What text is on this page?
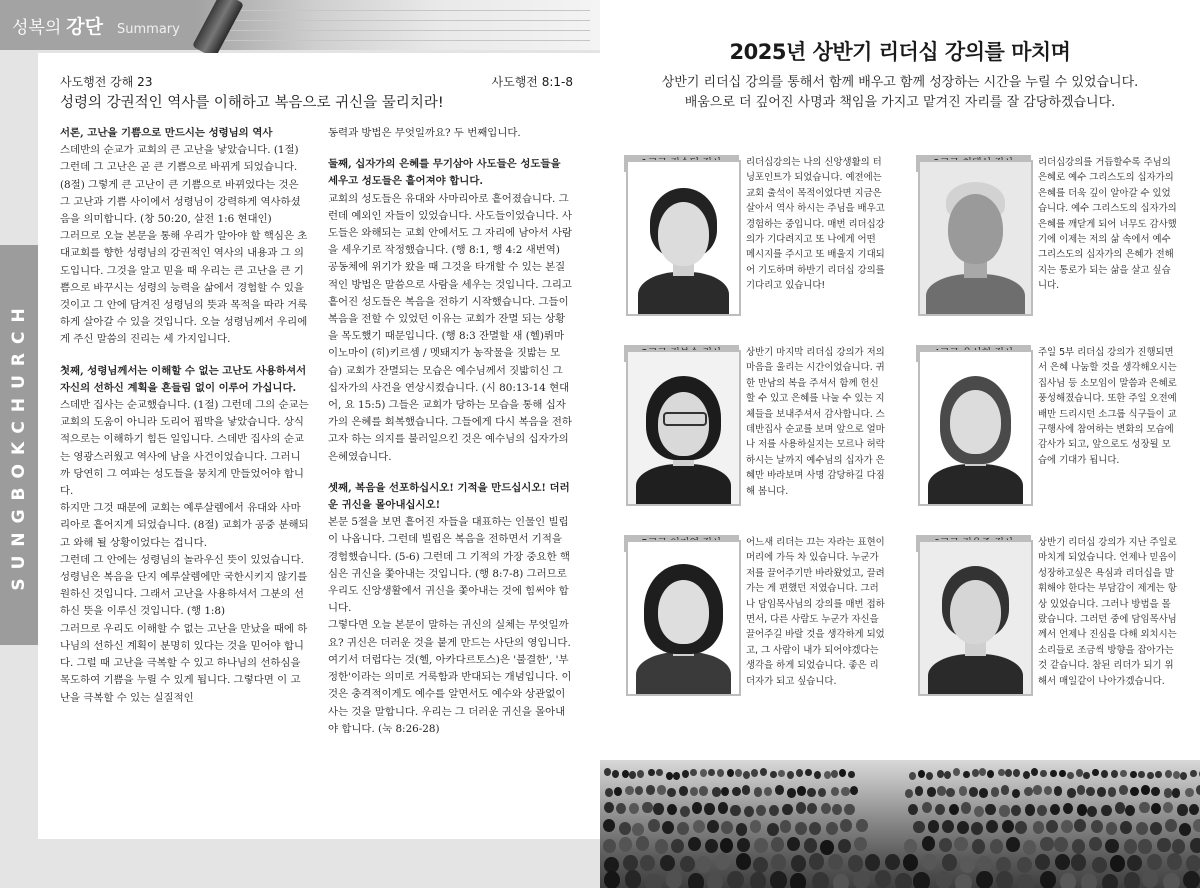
성복의 강단 Summary
SUNGBOKCHURCH
사도행전 강해 23	사도행전 8:1-8
성령의 강권적인 역사를 이해하고 복음으로 귀신을 물리치라!
서론, 고난을 기쁨으로 만드시는 성령님의 역사

스데반의 순교가 교회의 큰 고난을 낳았습니다. (1절) 그런데 그 고난은 곧 큰 기쁨으로 바뀌게 되었습니다. (8절) 그렇게 큰 고난이 큰 기쁨으로 바뀌었다는 것은 그 고난과 기쁨 사이에서 성령님이 강력하게 역사하셨음을 의미합니다. (창 50:20, 살전 1:6 현대인)

그러므로 오늘 본문을 통해 우리가 알아야 할 핵심은 초대교회를 향한 성령님의 강권적인 역사의 내용과 그 의도입니다. 그것을 알고 믿을 때 우리는 큰 고난을 큰 기쁨으로 바꾸시는 성령의 능력을 삶에서 경험할 수 있을 것이고 그 안에 담겨진 성령님의 뜻과 목적을 따라 거룩하게 살아갈 수 있을 것입니다. 오늘 성령님께서 우리에게 주신 말씀의 진리는 세 가지입니다.

첫째, 성령님께서는 이해할 수 없는 고난도 사용하셔서 자신의 선하신 계획을 흔들림 없이 이루어 가십니다.

스데반 집사는 순교했습니다. (1절) 그런데 그의 순교는 교회의 도움이 아니라 도리어 핍박을 낳았습니다. 상식적으로는 이해하기 힘든 일입니다. 스데반 집사의 순교는 영광스러웠고 역사에 남을 사건이었습니다. 그러니까 당연히 그 여파는 성도들을 뭉치게 만들었어야 합니다.

하지만 그것 때문에 교회는 예루살렘에서 유대와 사마리아로 흩어지게 되었습니다. (8절) 교회가 공중 분해되고 와해 될 상황이었다는 겁니다.

그런데 그 안에는 성령님의 놀라우신 뜻이 있었습니다. 성령님은 복음을 단지 예루살렘에만 국한시키지 않기를 원하신 것입니다. 그래서 고난을 사용하셔서 그분의 선하신 뜻을 이루신 것입니다. (행 1:8)

그러므로 우리도 이해할 수 없는 고난을 만났을 때에 하나님의 선하신 계획이 분명히 있다는 것을 믿어야 합니다. 그럴 때 고난을 극복할 수 있고 하나님의 선하심을 목도하여 기쁨을 누릴 수 있게 됩니다. 그렇다면 이 고난을 극복할 수 있는 실질적인

동력과 방법은 무엇일까요? 두 번째입니다.

둘째, 십자가의 은혜를 무기삼아 사도들은 성도들을 세우고 성도들은 흩어져야 합니다.

교회의 성도들은 유대와 사마리아로 흩어졌습니다. 그런데 예외인 자들이 있었습니다. 사도들이었습니다. 사도들은 와해되는 교회 안에서도 그 자리에 남아서 사람을 세우기로 작정했습니다. (행 8:1, 행 4:2 새번역) 공동체에 위기가 왔을 때 그것을 타개할 수 있는 본질적인 방법은 말씀으로 사람을 세우는 것입니다. 그리고 흩어진 성도들은 복음을 전하기 시작했습니다. 그들이 복음을 전할 수 있었던 이유는 교회가 잔멸 되는 상황을 목도했기 때문입니다. (행 8:3 잔멸할 새 (헬)뤼마이노마이 (히)키르셈 / 멧돼지가 농작물을 짓밟는 모습) 교회가 잔멸되는 모습은 예수님께서 짓밟히신 그 십자가의 사건을 연상시켰습니다. (시 80:13-14 현대어, 요 15:5) 그들은 교회가 당하는 모습을 통해 십자가의 은혜를 회복했습니다. 그들에게 다시 복음을 전하고자 하는 의지를 불러일으킨 것은 예수님의 십자가의 은혜였습니다.

셋째, 복음을 선포하십시오! 기적을 만드십시오! 더러운 귀신을 몰아내십시오!

본문 5절을 보면 흩어진 자들을 대표하는 인물인 빌립이 나옵니다. 그런데 빌립은 복음을 전하면서 기적을 경험했습니다. (5-6) 그런데 그 기적의 가장 중요한 핵심은 귀신을 쫓아내는 것입니다. (행 8:7-8) 그러므로 우리도 신앙생활에서 귀신을 쫓아내는 것에 힘써야 합니다.

그렇다면 오늘 본문이 말하는 귀신의 실체는 무엇일까요? 귀신은 더러운 것을 붙게 만드는 사단의 영입니다. 여기서 더럽다는 것(헬, 아카다르토스)은 '불결한', '부정한'이라는 의미로 거룩함과 반대되는 개념입니다. 이것은 충격적이게도 예수를 알면서도 예수와 상관없이 사는 것을 말합니다. 우리는 그 더러운 귀신을 몰아내야 합니다. (눅 8:26-28)

2025년 상반기 리더십 강의를 마치며
상반기 리더십 강의를 통해서 함께 배우고 함께 성장하는 시간을 누릴 수 있었습니다.
배움으로 더 깊어진 사명과 책임을 가지고 맡겨진 자리를 잘 감당하겠습니다.
리더십강의는 나의 신앙생활의 터닝포인트가 되었습니다. 예전에는 교회 출석이 목적이었다면 지금은 살아서 역사 하시는 주님을 배우고 경험하는 중입니다. 매번 리더십강의가 기다려지고 또 나에게 어떤 메시지를 주시고 또 배울지 기대되어 기도하며 하반기 리더십 강의를 기다리고 있습니다!
리더십강의를 거듭할수록 주님의 은혜로 예수 그리스도의 십자가의 은혜를 더욱 깊이 알아갈 수 있었습니다. 예수 그리스도의 십자가의 은혜를 깨닫게 되어 너무도 감사했기에 이제는 저의 삶 속에서 예수 그리스도의 십자가의 은혜가 전해지는 통로가 되는 삶을 살고 싶습니다.
상반기 마지막 리더십 강의가 저의 마음을 울리는 시간이었습니다. 귀한 만남의 복을 주셔서 함께 헌신 할 수 있고 은혜를 나눌 수 있는 지체들을 보내주셔서 감사합니다. 스데반집사 순교를 보며 앞으로 얼마나 저를 사용하실지는 모르나 허락하시는 날까지 예수님의 십자가 은혜만 바라보며 사명 감당하길 다짐해 봅니다.
주일 5부 리더십 강의가 진행되면서 은혜 나눔할 것을 생각해오시는 집사님 등 소모임이 말씀과 은혜로 풍성해졌습니다. 또한 주일 오전예배만 드리시던 소그룹 식구들이 교구행사에 참여하는 변화의 모습에 감사가 되고, 앞으로도 성장될 모습에 기대가 됩니다.
어느새 리더는 끄는 자라는 표현이 머리에 가득 차 있습니다. 누군가 저를 끌어주기만 바라왔었고, 끌려가는 게 편했던 저였습니다. 그러나 담임목사님의 강의를 매번 접하면서, 다른 사람도 누군가 자신을 끌어주길 바랄 것을 생각하게 되었고, 그 사람이 내가 되어야겠다는 생각을 하게 되었습니다. 좋은 리더자가 되고 싶습니다.
상반기 리더십 강의가 지난 주일로 마치게 되었습니다. 언제나 믿음이 성장하고싶은 욕심과 리더십을 발휘해야 한다는 부담감이 제게는 항상 있었습니다. 그러나 방법을 몰랐습니다. 그러던 중에 담임목사님께서 언제나 진심을 다해 외치시는 소리들로 조금씩 방향을 잡아가는 것 같습니다. 참된 리더가 되기 위해서 매일같이 나아가겠습니다.
